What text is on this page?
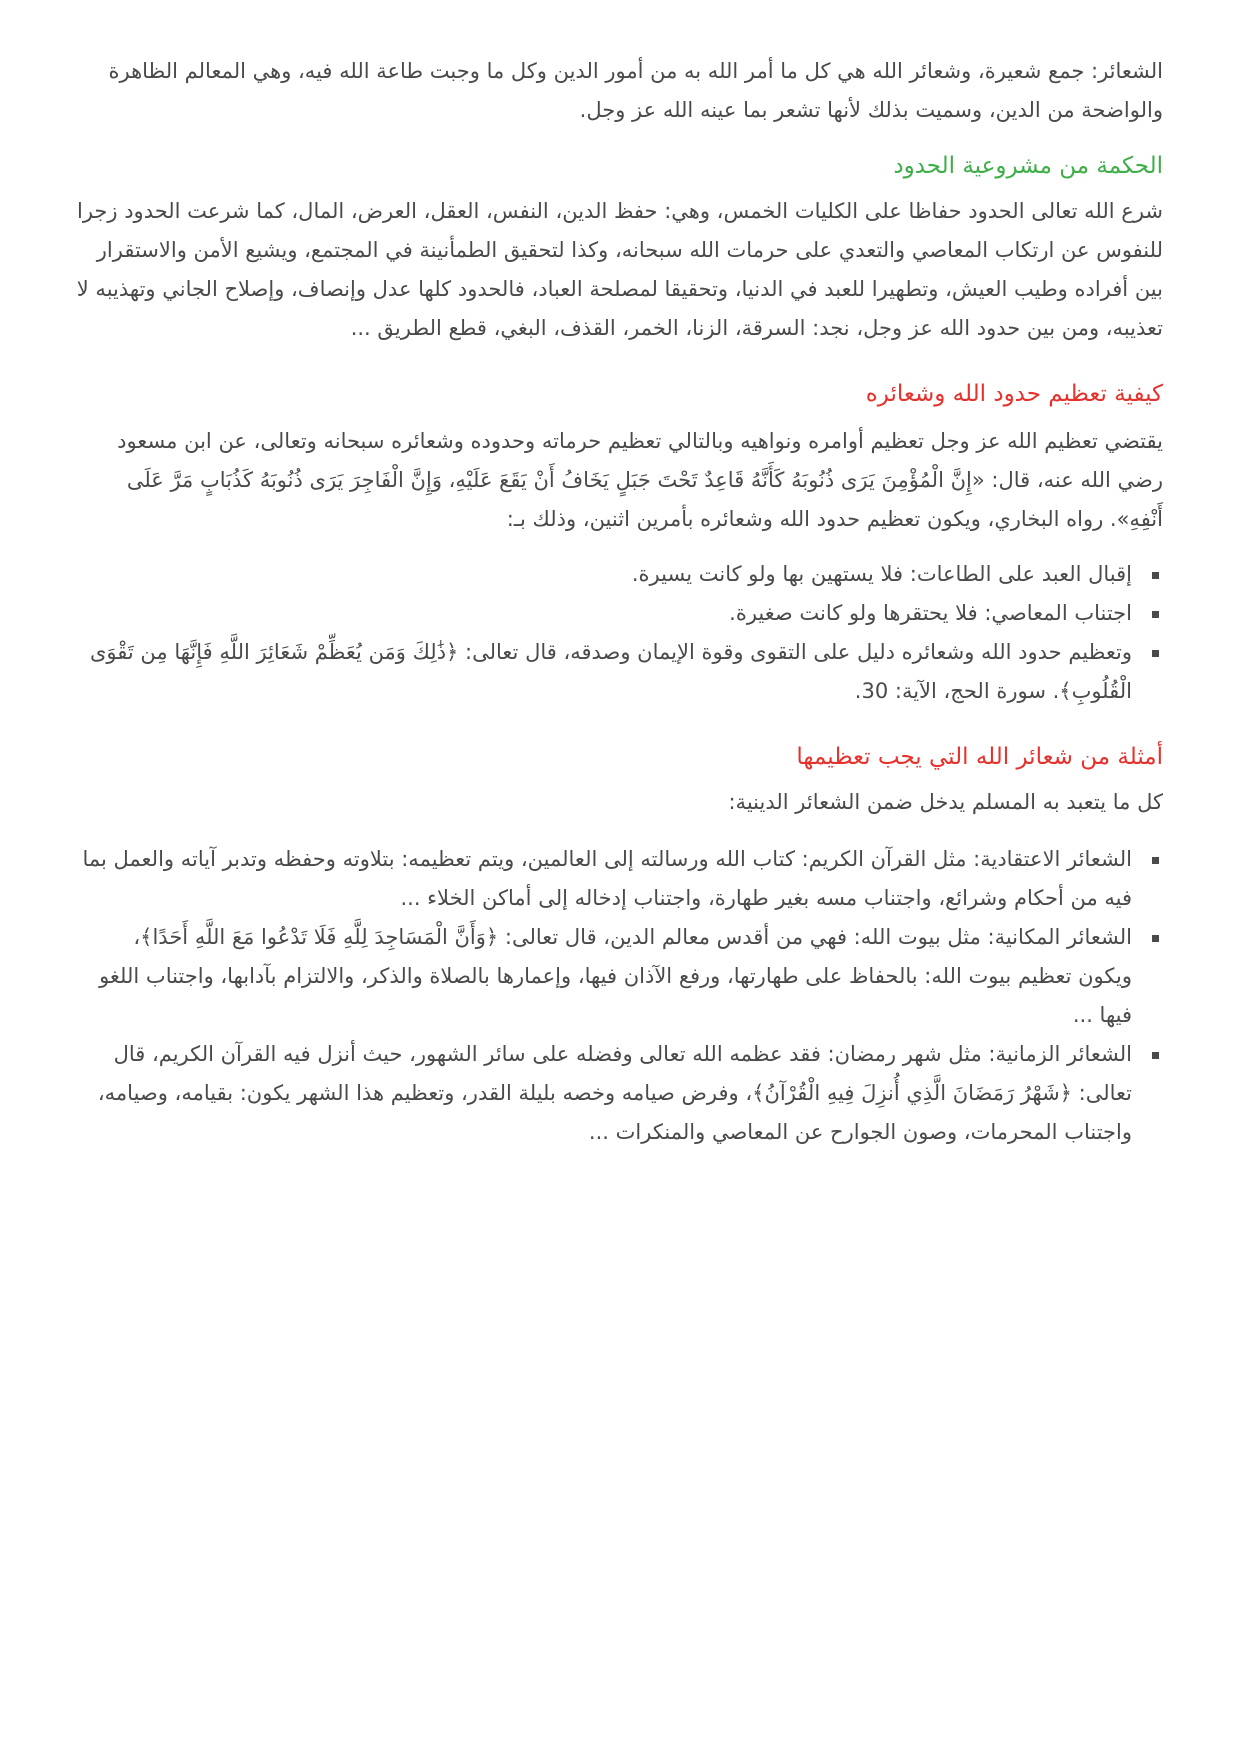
الشعائر: جمع شعيرة، وشعائر الله هي كل ما أمر الله به من أمور الدين وكل ما وجبت طاعة الله فيه، وهي المعالم الظاهرة والواضحة من الدين، وسميت بذلك لأنها تشعر بما عينه الله عز وجل.

الحكمة من مشروعية الحدود

شرع الله تعالى الحدود حفاظا على الكليات الخمس، وهي: حفظ الدين، النفس، العقل، العرض، المال، كما شرعت الحدود زجرا للنفوس عن ارتكاب المعاصي والتعدي على حرمات الله سبحانه، وكذا لتحقيق الطمأنينة في المجتمع، ويشيع الأمن والاستقرار بين أفراده وطيب العيش، وتطهيرا للعبد في الدنيا، وتحقيقا لمصلحة العباد، فالحدود كلها عدل وإنصاف، وإصلاح الجاني وتهذيبه لا تعذيبه، ومن بين حدود الله عز وجل، نجد: السرقة، الزنا، الخمر، القذف، البغي، قطع الطريق ...

كيفية تعظيم حدود الله وشعائره

يقتضي تعظيم الله عز وجل تعظيم أوامره ونواهيه وبالتالي تعظيم حرماته وحدوده وشعائره سبحانه وتعالى، عن ابن مسعود رضي الله عنه، قال: «إِنَّ الْمُؤْمِنَ يَرَى ذُنُوبَهُ كَأَنَّهُ قَاعِدٌ تَحْتَ جَبَلٍ يَخَافُ أَنْ يَقَعَ عَلَيْهِ، وَإِنَّ الْفَاجِرَ يَرَى ذُنُوبَهُ كَذُبَابٍ مَرَّ عَلَى أَنْفِهِ». رواه البخاري، ويكون تعظيم حدود الله وشعائره بأمرين اثنين، وذلك بـ:

إقبال العبد على الطاعات: فلا يستهين بها ولو كانت يسيرة.
اجتناب المعاصي: فلا يحتقرها ولو كانت صغيرة.
وتعظيم حدود الله وشعائره دليل على التقوى وقوة الإيمان وصدقه، قال تعالى: ﴿ذَٰلِكَ وَمَن يُعَظِّمْ شَعَائِرَ اللَّهِ فَإِنَّهَا مِن تَقْوَى الْقُلُوبِ﴾. سورة الحج، الآية: 30.
أمثلة من شعائر الله التي يجب تعظيمها

كل ما يتعبد به المسلم يدخل ضمن الشعائر الدينية:

الشعائر الاعتقادية: مثل القرآن الكريم: كتاب الله ورسالته إلى العالمين، ويتم تعظيمه: بتلاوته وحفظه وتدبر آياته والعمل بما فيه من أحكام وشرائع، واجتناب مسه بغير طهارة، واجتناب إدخاله إلى أماكن الخلاء ...
الشعائر المكانية: مثل بيوت الله: فهي من أقدس معالم الدين، قال تعالى: ﴿وَأَنَّ الْمَسَاجِدَ لِلَّهِ فَلَا تَدْعُوا مَعَ اللَّهِ أَحَدًا﴾، ويكون تعظيم بيوت الله: بالحفاظ على طهارتها، ورفع الآذان فيها، وإعمارها بالصلاة والذكر، والالتزام بآدابها، واجتناب اللغو فيها ...
الشعائر الزمانية: مثل شهر رمضان: فقد عظمه الله تعالى وفضله على سائر الشهور، حيث أنزل فيه القرآن الكريم، قال تعالى: ﴿شَهْرُ رَمَضَانَ الَّذِي أُنزِلَ فِيهِ الْقُرْآنُ﴾، وفرض صيامه وخصه بليلة القدر، وتعظيم هذا الشهر يكون: بقيامه، وصيامه، واجتناب المحرمات، وصون الجوارح عن المعاصي والمنكرات ...
